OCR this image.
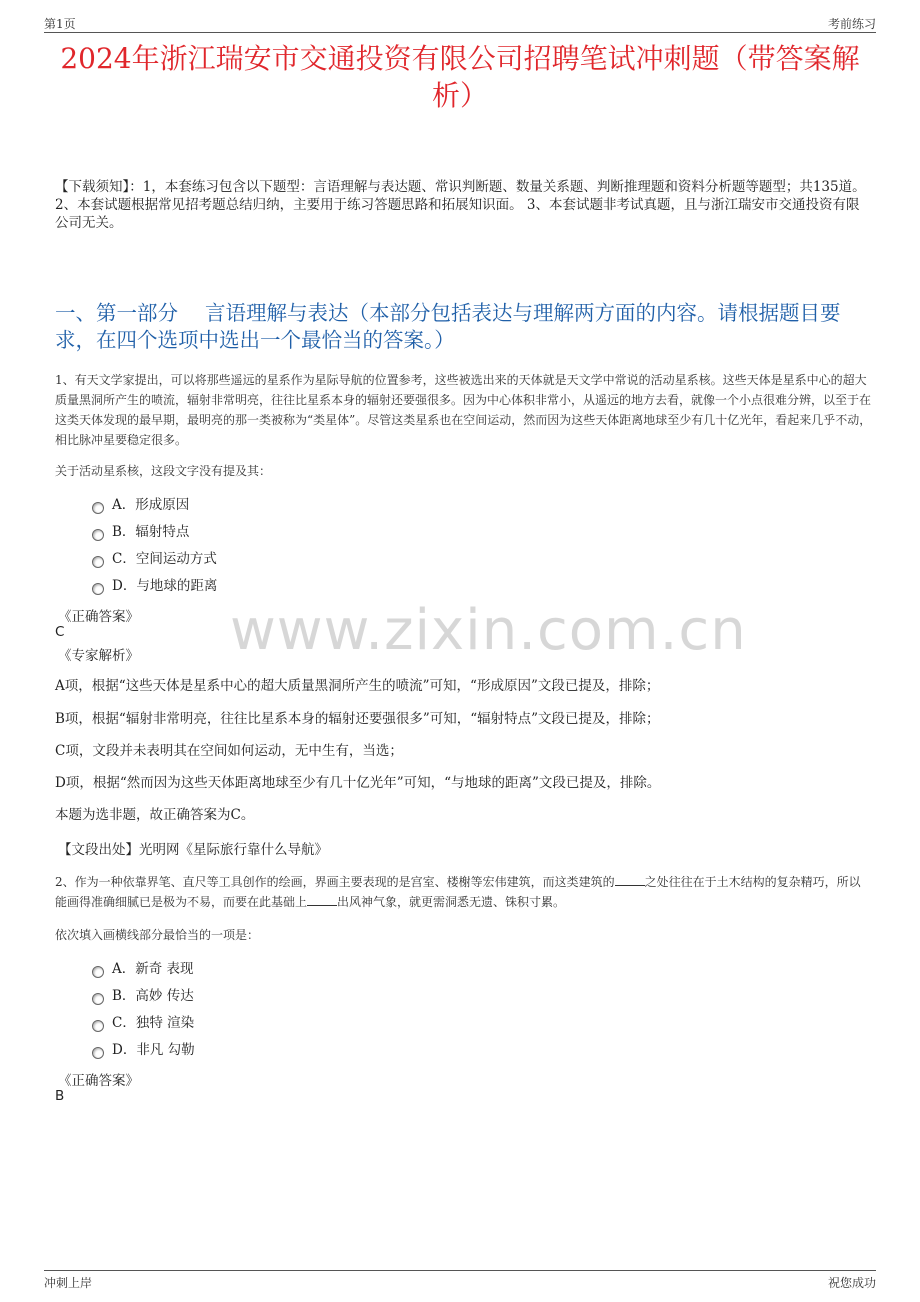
第1页	考前练习
2024年浙江瑞安市交通投资有限公司招聘笔试冲刺题（带答案解析）
【下载须知】：1，本套练习包含以下题型：言语理解与表达题、常识判断题、数量关系题、判断推理题和资料分析题等题型；共135道。 2、本套试题根据常见招考题总结归纳，主要用于练习答题思路和拓展知识面。 3、本套试题非考试真题，且与浙江瑞安市交通投资有限公司无关。
一、第一部分　 言语理解与表达（本部分包括表达与理解两方面的内容。请根据题目要求，在四个选项中选出一个最恰当的答案。）
1、有天文学家提出，可以将那些遥远的星系作为星际导航的位置参考，这些被选出来的天体就是天文学中常说的活动星系核。这些天体是星系中心的超大质量黑洞所产生的喷流，辐射非常明亮，往往比星系本身的辐射还要强很多。因为中心体积非常小，从遥远的地方去看，就像一个小点很难分辨，以至于在这类天体发现的最早期，最明亮的那一类被称为“类星体”。尽管这类星系也在空间运动，然而因为这些天体距离地球至少有几十亿光年，看起来几乎不动，相比脉冲星要稳定很多。
关于活动星系核，这段文字没有提及其：
A．形成原因
B．辐射特点
C．空间运动方式
D．与地球的距离
《正确答案》
C
《专家解析》
A项，根据“这些天体是星系中心的超大质量黑洞所产生的喷流”可知，“形成原因”文段已提及，排除；
B项，根据“辐射非常明亮，往往比星系本身的辐射还要强很多”可知，“辐射特点”文段已提及，排除；
C项，文段并未表明其在空间如何运动，无中生有，当选；
D项，根据“然而因为这些天体距离地球至少有几十亿光年”可知，“与地球的距离”文段已提及，排除。
本题为选非题，故正确答案为C。
【文段出处】光明网《星际旅行靠什么导航》
2、作为一种依靠界笔、直尺等工具创作的绘画，界画主要表现的是宫室、楼榭等宏伟建筑，而这类建筑的	之处往往在于土木结构的复杂精巧，所以能画得准确细腻已是极为不易，而要在此基础上	出风神气象，就更需洞悉无遗、铢积寸累。
依次填入画横线部分最恰当的一项是：
A．新奇 表现
B．高妙 传达
C．独特 渲染
D．非凡 勾勒
《正确答案》
B
www.zixin.com.cn
冲刺上岸	祝您成功
